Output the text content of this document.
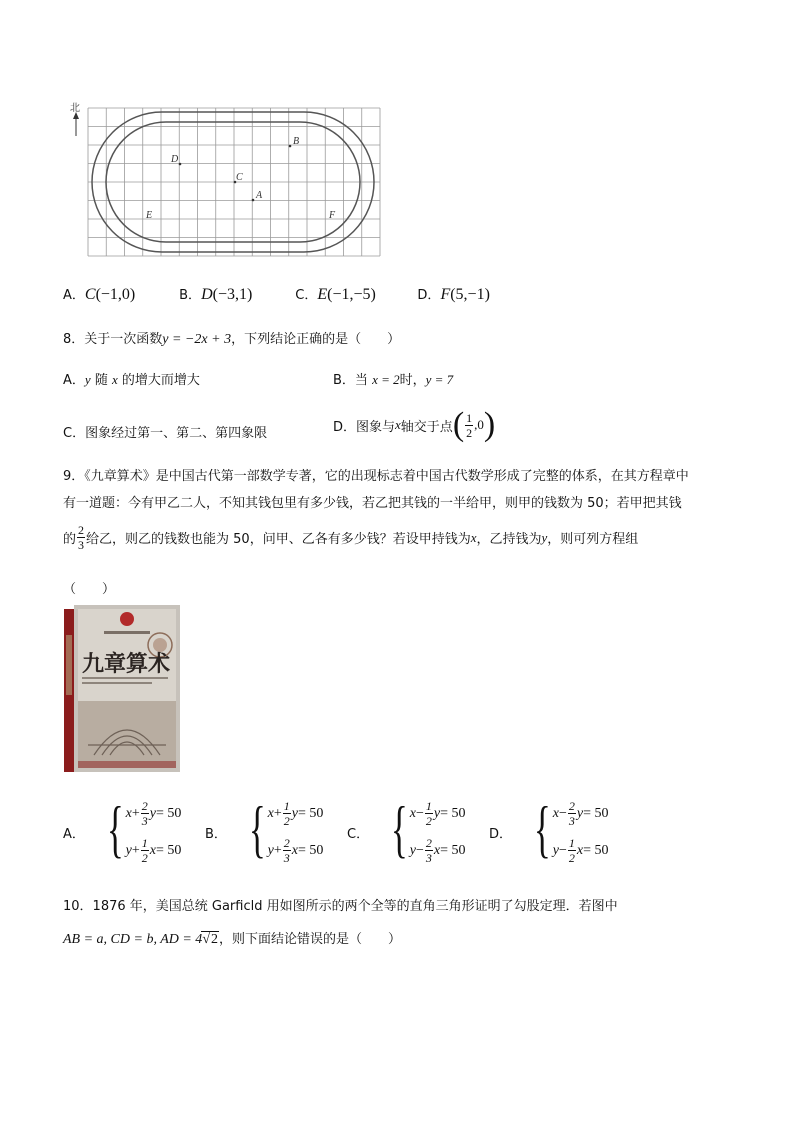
北
B
D
C
A
E	F
A．C(−1,0)	B．D(−3,1)	C．E(−1,−5)	D．F(5,−1)
8．关于一次函数y = −2x + 3，下列结论正确的是（　　）
A．y 随 x 的增大而增大	B．当 x = 2时，y = 7
C．图象经过第一、第二、第四象限	D．图象与 x 轴交于点 ( $\frac{1}{2} ,0$ )
9．《九章算术》是中国古代第一部数学专著，它的出现标志着中国古代数学形成了完整的体系，在其方程章中
有一道题：今有甲乙二人，不知其钱包里有多少钱，若乙把其钱的一半给甲，则甲的钱数为 50；若甲把其钱
的 $\frac{2}{3}$ 给乙，则乙的钱数也能为 50，问甲、乙各有多少钱？若设甲持钱为 x ，乙持钱为 y ，则可列方程组
（　　）
九章算术
A． { $x + \frac{2}{3}$ y = 50
$y + \frac{1}{2}$ x = 50
B． { $x + \frac{1}{2}$ y = 50
$y + \frac{2}{3}$ x = 50
C． { $x - \frac{1}{2}$ y = 50
$y - \frac{2}{3}$ x = 50
D． { $x - \frac{2}{3}$ y = 50
$y - \frac{1}{2}$ x = 50
10．1876 年，美国总统 Garficld 用如图所示的两个全等的直角三角形证明了勾股定理．若图中
AB = a, CD = b, AD = 4√2，则下面结论错误的是（　　）
